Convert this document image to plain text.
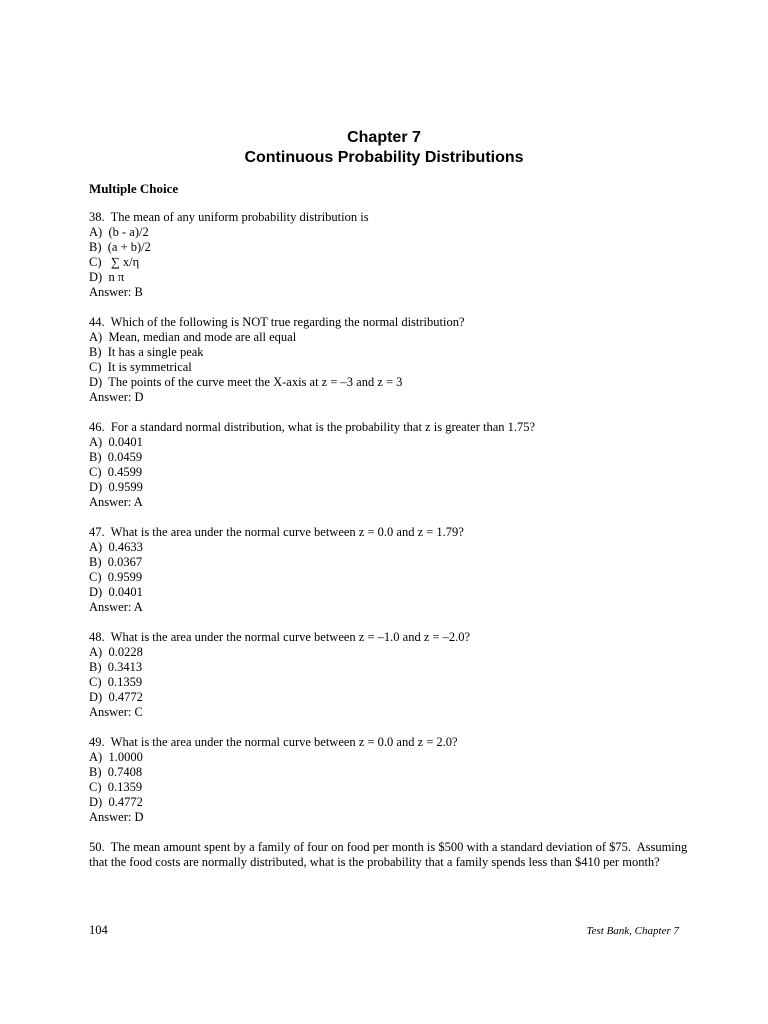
Chapter 7
Continuous Probability Distributions
Multiple Choice
38.  The mean of any uniform probability distribution is
A)  (b - a)/2
B)  (a + b)/2
C)   ∑ x/η
D)  n π
Answer: B
44.  Which of the following is NOT true regarding the normal distribution?
A)  Mean, median and mode are all equal
B)  It has a single peak
C)  It is symmetrical
D)  The points of the curve meet the X-axis at z = –3 and z = 3
Answer: D
46.  For a standard normal distribution, what is the probability that z is greater than 1.75?
A)  0.0401
B)  0.0459
C)  0.4599
D)  0.9599
Answer: A
47.  What is the area under the normal curve between z = 0.0 and z = 1.79?
A)  0.4633
B)  0.0367
C)  0.9599
D)  0.0401
Answer: A
48.  What is the area under the normal curve between z = –1.0 and z = –2.0?
A)  0.0228
B)  0.3413
C)  0.1359
D)  0.4772
Answer: C
49.  What is the area under the normal curve between z = 0.0 and z = 2.0?
A)  1.0000
B)  0.7408
C)  0.1359
D)  0.4772
Answer: D
50.  The mean amount spent by a family of four on food per month is $500 with a standard deviation of $75.  Assuming that the food costs are normally distributed, what is the probability that a family spends less than $410 per month?
104	Test Bank, Chapter 7
